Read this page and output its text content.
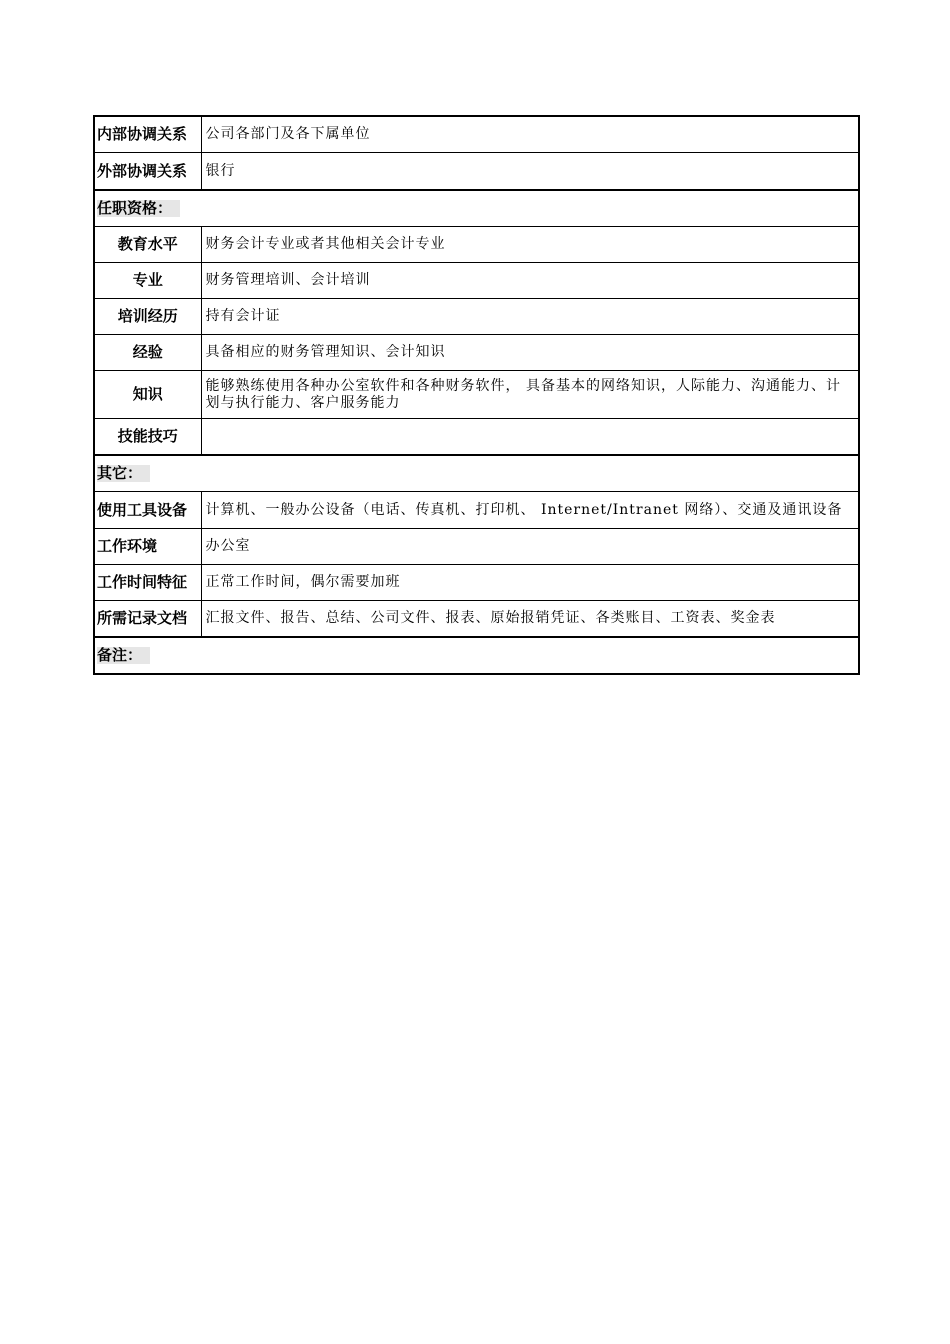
内部协调关系	公司各部门及各下属单位
外部协调关系	银行
任职资格：	
教育水平	财务会计专业或者其他相关会计专业
专业	财务管理培训、会计培训
培训经历	持有会计证
经验	具备相应的财务管理知识、会计知识
知识	能够熟练使用各种办公室软件和各种财务软件， 具备基本的网络知识，人际能力、沟通能力、计划与执行能力、客户服务能力
技能技巧	
其它：	
使用工具设备	计算机、一般办公设备（电话、传真机、打印机、 Internet/Intranet 网络）、交通及通讯设备
工作环境	办公室
工作时间特征	正常工作时间，偶尔需要加班
所需记录文档	汇报文件、报告、总结、公司文件、报表、原始报销凭证、各类账目、工资表、奖金表
备注：	
